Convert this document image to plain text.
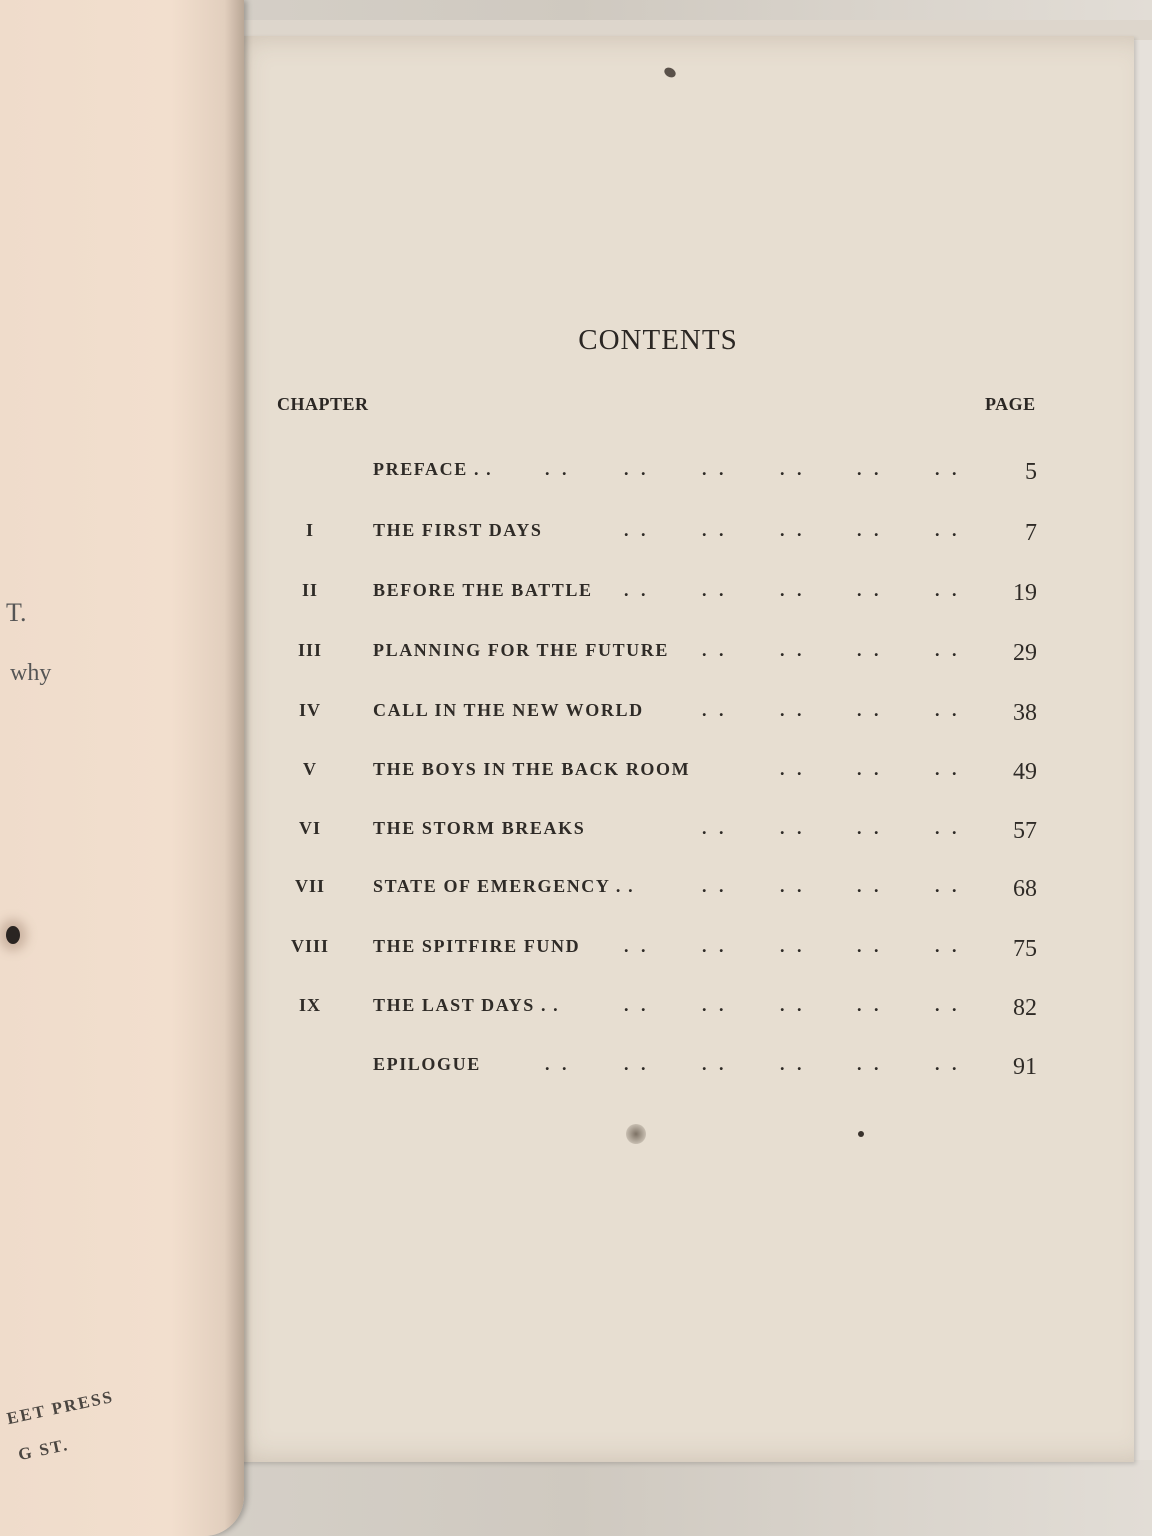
T.
why
EET PRESS
G ST.
CONTENTS
CHAPTER	PAGE
PREFACE . .	. .	. .	. .	. .	. .	. .	5
I	THE FIRST DAYS	. .	. .	. .	. .	. .	7
II	BEFORE THE BATTLE . .	. .	. .	. .	. .	19
III	PLANNING FOR THE FUTURE . .	. .	. .	. .	29
IV	CALL IN THE NEW WORLD	. .	. .	. .	. .	38
V	THE BOYS IN THE BACK ROOM	. .	. .	. .	49
VI	THE STORM BREAKS	. .	. .	. .	. .	57
VII	STATE OF EMERGENCY . .	. .	. .	. .	. .	68
VIII	THE SPITFIRE FUND . .	. .	. .	. .	. .	75
IX	THE LAST DAYS . .	. .	. .	. .	. .	. .	82
EPILOGUE	. .	. .	. .	. .	. .	. .	91
